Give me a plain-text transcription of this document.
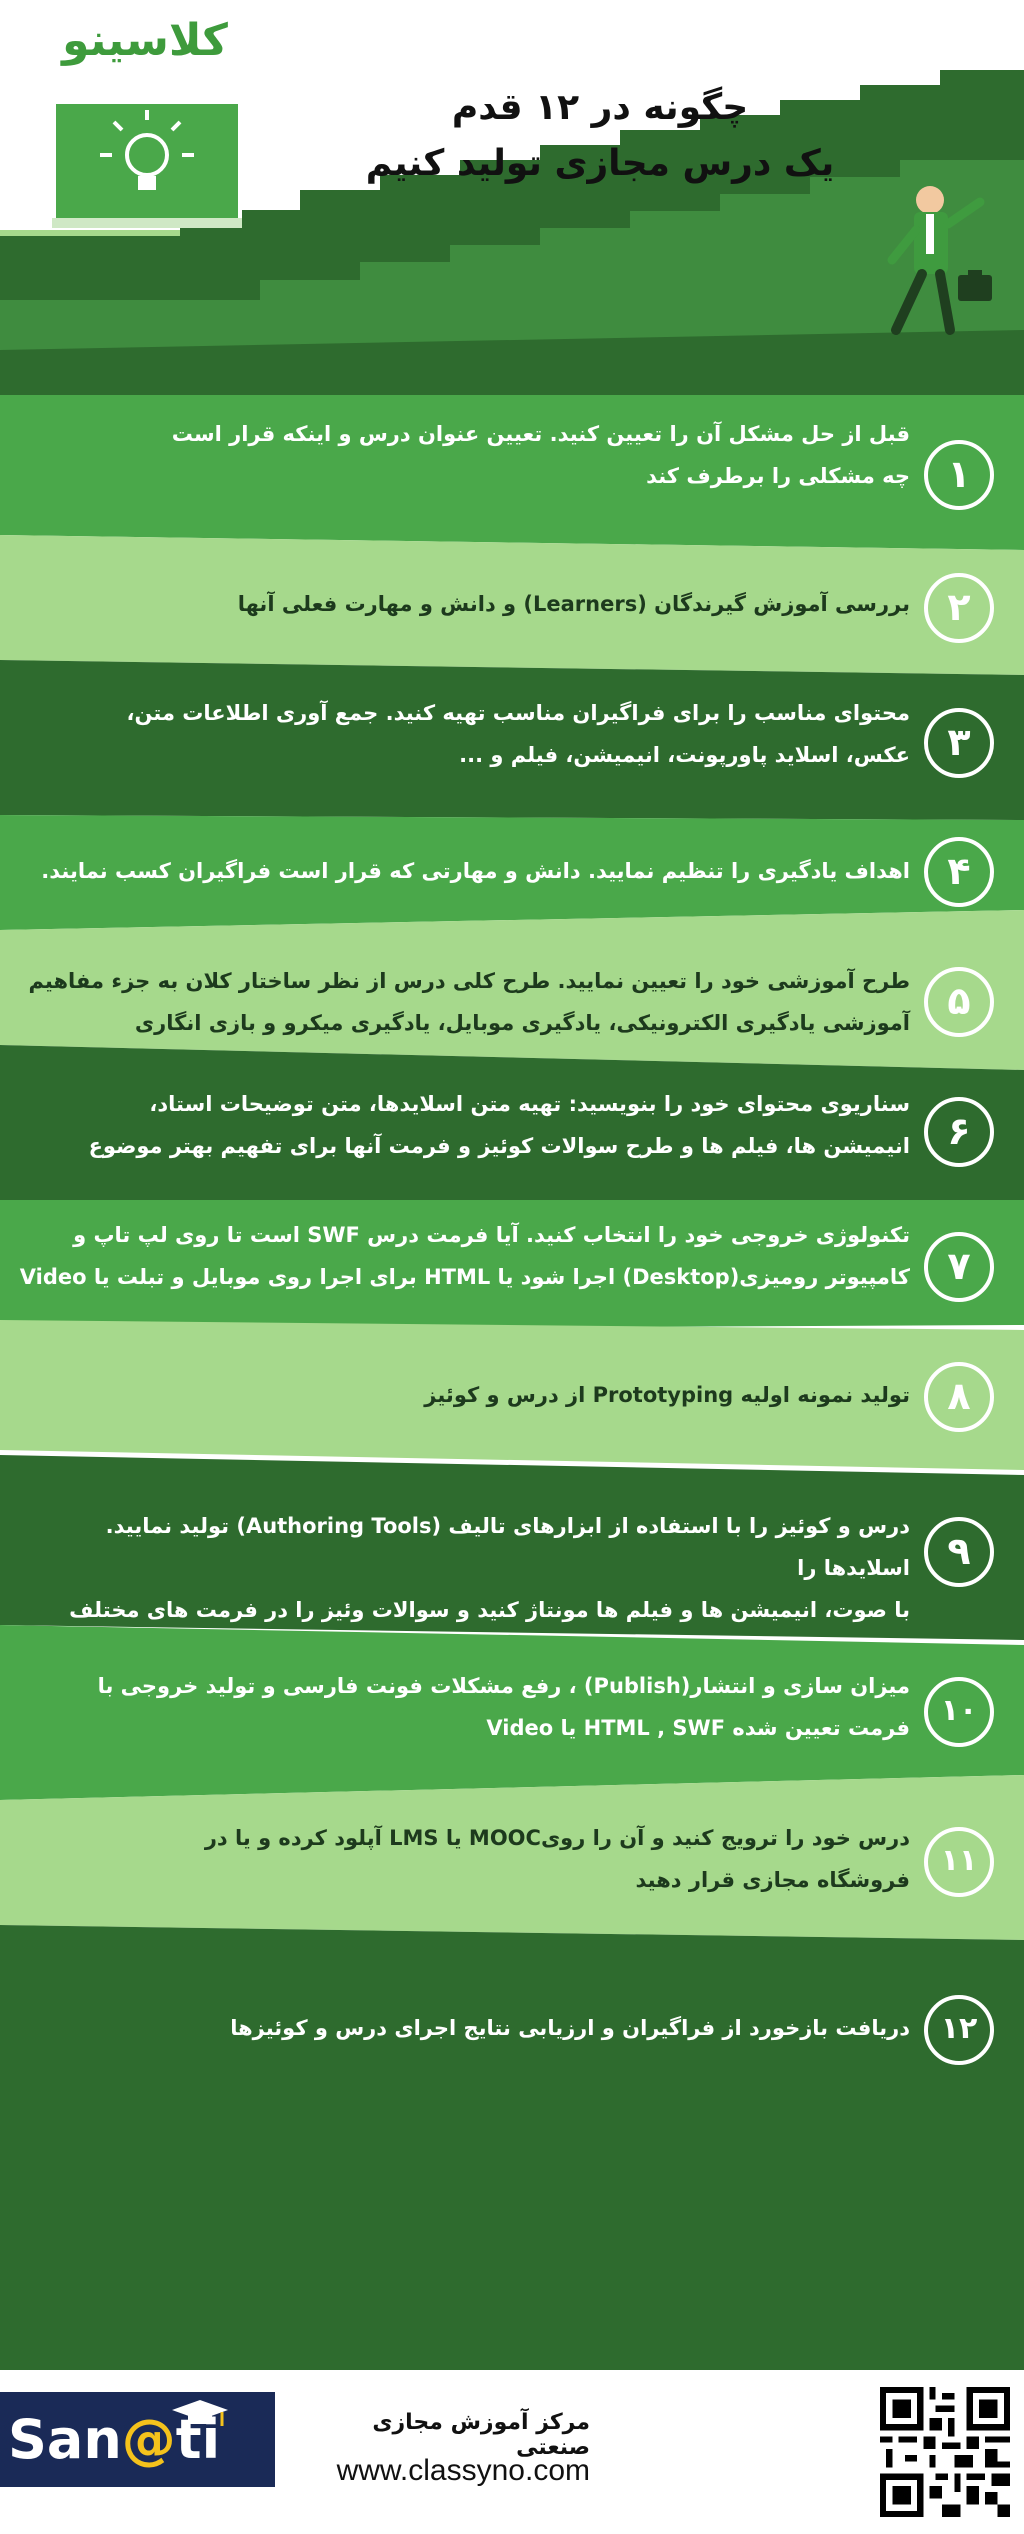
کلاسینو
چگونه در ۱۲ قدم
یک درس مجازی تولید کنیم
۱
قبل از حل مشکل آن را تعیین کنید. تعیین عنوان درس و اینکه قرار است
چه مشکلی را برطرف کند
۲
بررسی آموزش گیرندگان (Learners) و دانش و مهارت فعلی آنها
۳
محتوای مناسب را برای فراگیران مناسب تهیه کنید. جمع آوری اطلاعات متن،
عکس، اسلاید پاورپونت، انیمیشن، فیلم و ...
۴
اهداف یادگیری را تنظیم نمایید. دانش و مهارتی که قرار است فراگیران کسب نمایند.
۵
طرح آموزشی خود را تعیین نمایید. طرح کلی درس از نظر ساختار کلان به جزء مفاهیم
آموزشی یادگیری الکترونیکی، یادگیری موبایل، یادگیری میکرو و بازی انگاری
۶
سناریوی محتوای خود را بنویسید: تهیه متن اسلایدها، متن توضیحات استاد،
انیمیشن ها، فیلم ها و طرح سوالات کوئیز و فرمت آنها برای تفهیم بهتر موضوع
۷
تکنولوژی خروجی خود را انتخاب کنید. آیا فرمت درس SWF است تا روی لپ تاپ و
کامپیوتر رومیزی(Desktop) اجرا شود یا HTML برای اجرا روی موبایل و تبلت یا Video
۸
تولید نمونه اولیه Prototyping از درس و کوئیز
۹
درس و کوئیز را با استفاده از ابزارهای تالیف (Authoring Tools) تولید نمایید. اسلایدها را
با صوت، انیمیشن ها و فیلم ها مونتاژ کنید و سوالات وئیز را در فرمت های مختلف
۱۰
میزان سازی و انتشار(Publish) ، رفع مشکلات فونت فارسی و تولید خروجی با
فرمت تعیین شده HTML , SWF یا Video
۱۱
درس خود را ترویج کنید و آن را رویMOOC یا LMS آپلود کرده و یا در
فروشگاه مجازی قرار دهید
۱۲
دریافت بازخورد از فراگیران و ارزیابی نتایج اجرای درس و کوئیزها
San@ti	مرکز آموزش مجازی صنعتی
www.classyno.com
